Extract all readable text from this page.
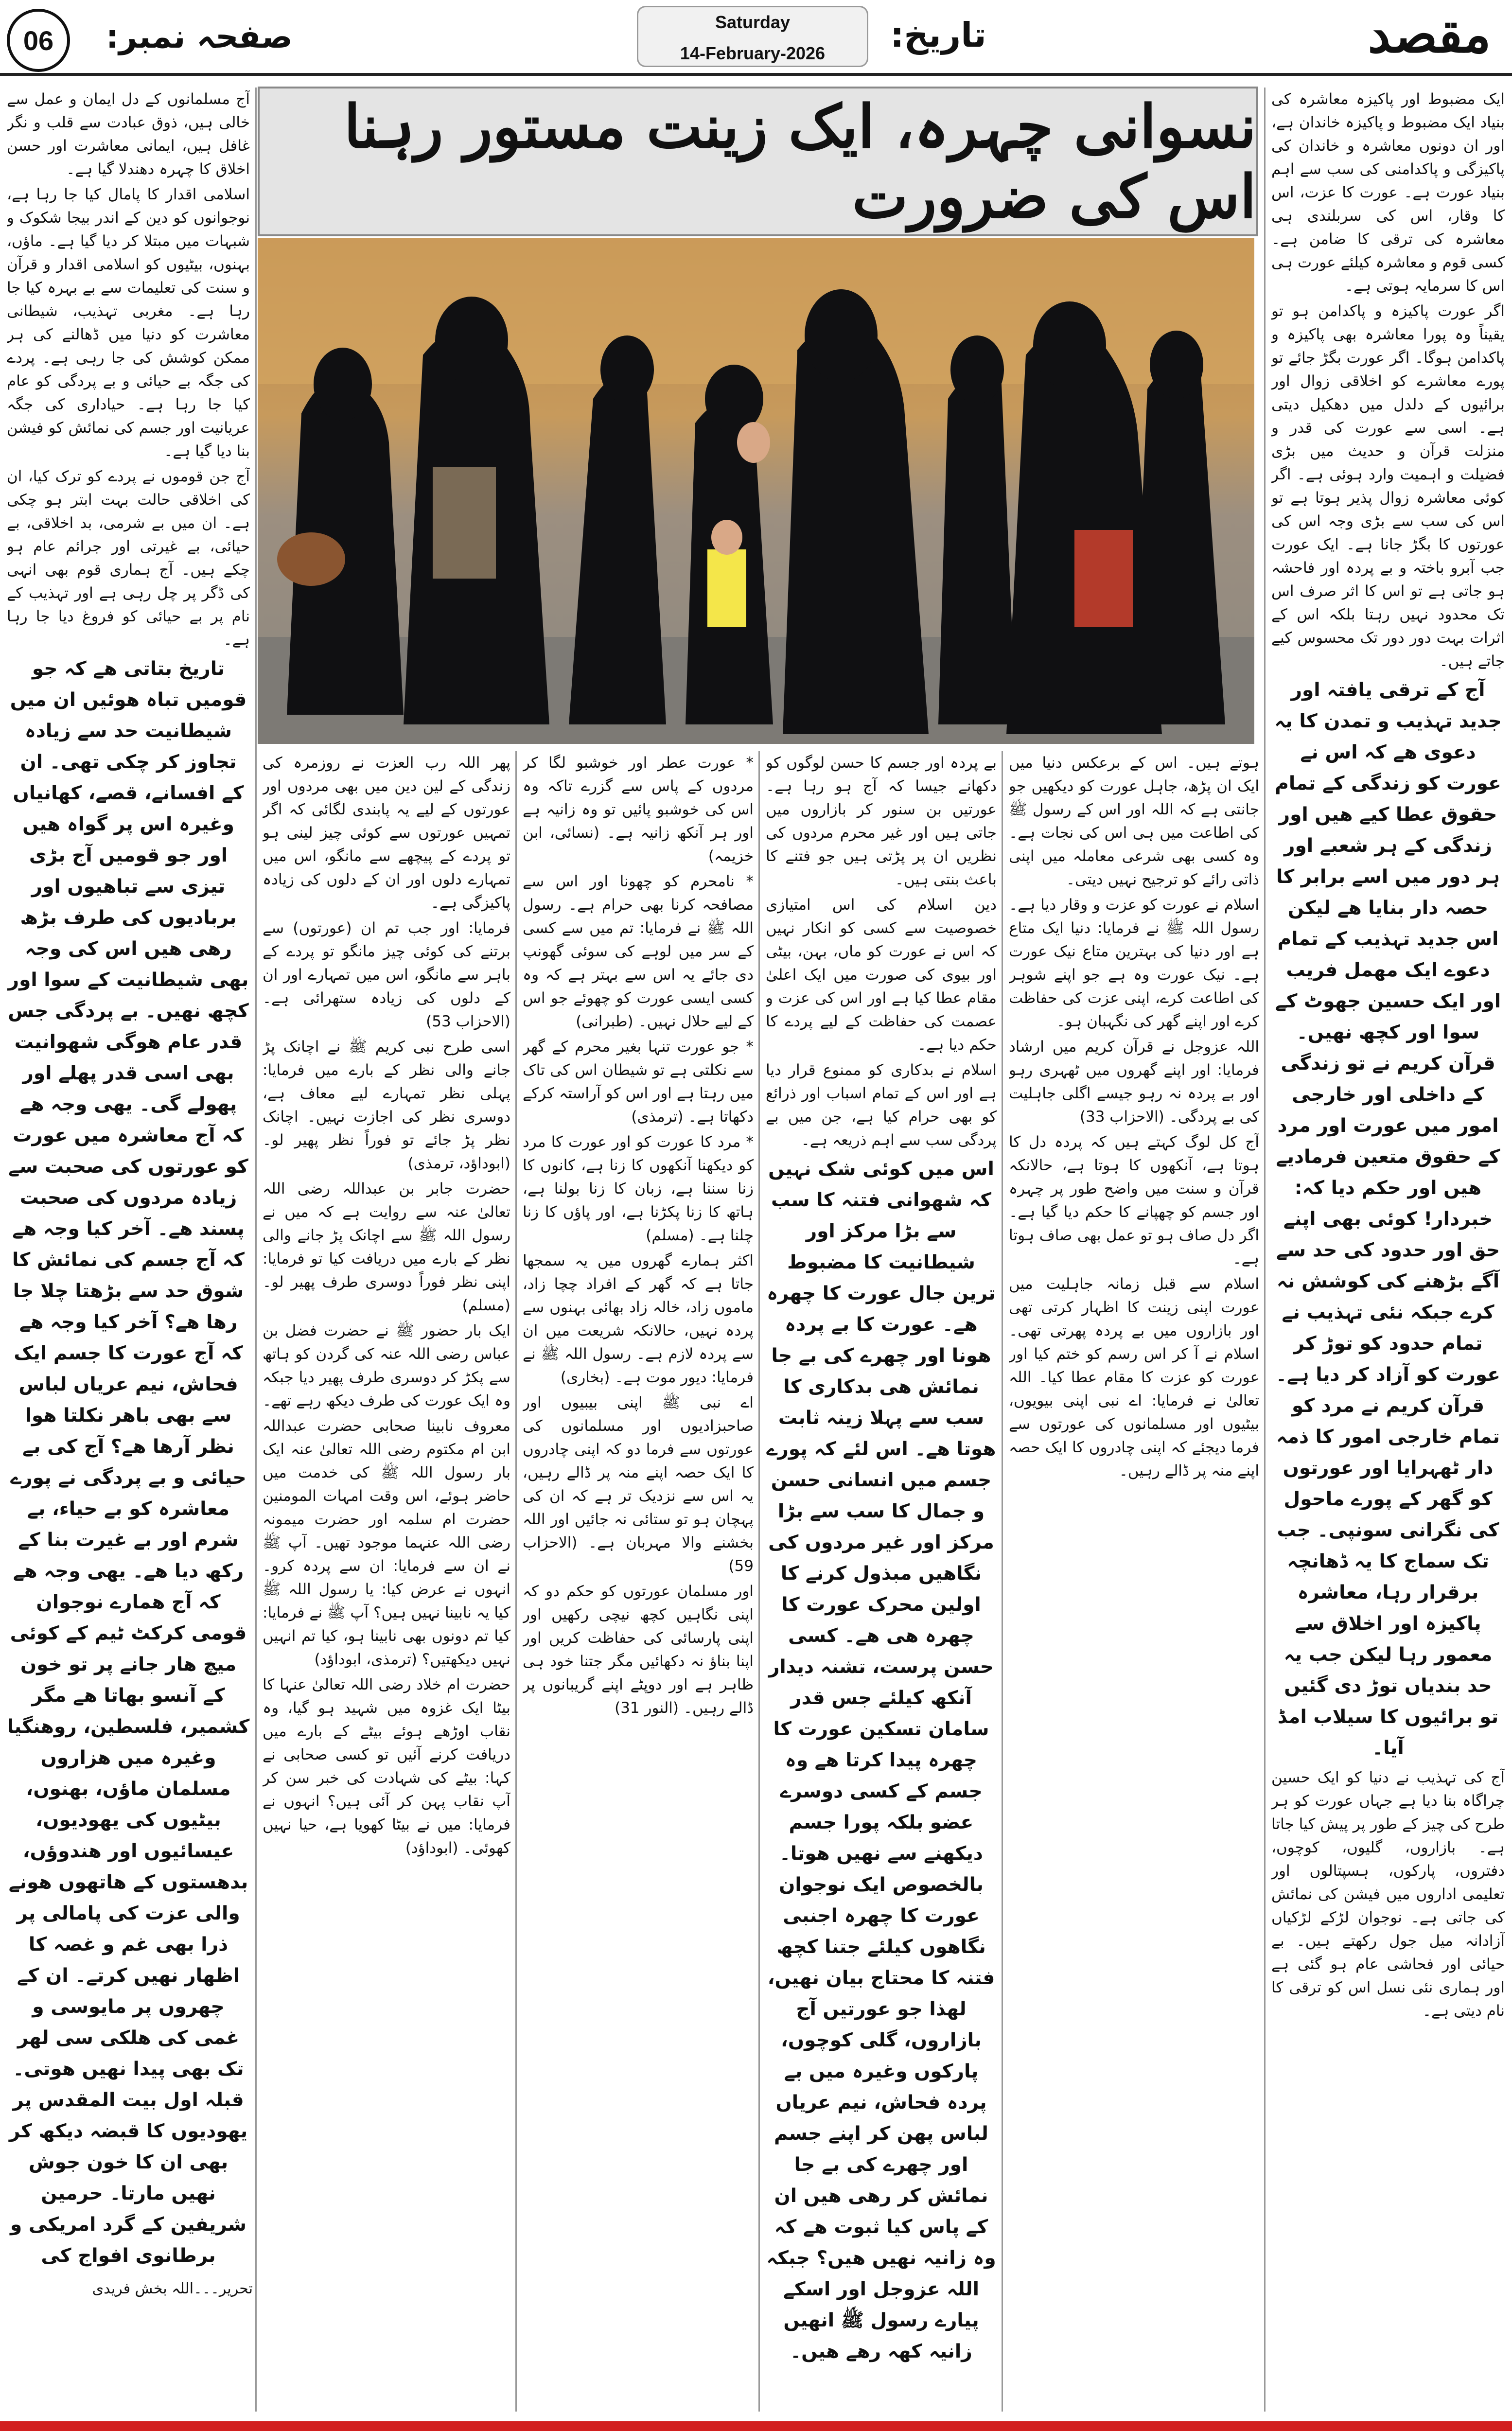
06	صفحہ نمبر:	Saturday
14-February-2026	تاریخ:	مقصد
نسوانی چہرہ، ایک زینت مستور رہنا اس کی ضرورت

ایک مضبوط اور پاکیزہ معاشرہ کی بنیاد ایک مضبوط و پاکیزہ خاندان ہے، اور ان دونوں معاشرہ و خاندان کی پاکیزگی و پاکدامنی کی سب سے اہم بنیاد عورت ہے۔ عورت کا عزت، اس کا وقار، اس کی سربلندی ہی معاشرہ کی ترقی کا ضامن ہے۔ کسی قوم و معاشرہ کیلئے عورت ہی اس کا سرمایہ ہوتی ہے۔

اگر عورت پاکیزہ و پاکدامن ہو تو یقیناً وہ پورا معاشرہ بھی پاکیزہ و پاکدامن ہوگا۔ اگر عورت بگڑ جائے تو پورے معاشرے کو اخلاقی زوال اور برائیوں کے دلدل میں دھکیل دیتی ہے۔ اسی سے عورت کی قدر و منزلت قرآن و حدیث میں بڑی فضیلت و اہمیت وارد ہوئی ہے۔ اگر کوئی معاشرہ زوال پذیر ہوتا ہے تو اس کی سب سے بڑی وجہ اس کی عورتوں کا بگڑ جانا ہے۔ ایک عورت جب آبرو باختہ و بے پردہ اور فاحشہ ہو جاتی ہے تو اس کا اثر صرف اس تک محدود نہیں رہتا بلکہ اس کے اثرات بہت دور دور تک محسوس کیے جاتے ہیں۔

آج کے ترقی یافتہ اور جدید تہذیب و تمدن کا یہ دعوی ھے کہ اس نے عورت کو زندگی کے تمام حقوق عطا کیے ھیں اور زندگی کے ہر شعبے اور ہر دور میں اسے برابر کا حصہ دار بنایا ھے لیکن اس جدید تہذیب کے تمام دعوے ایک مھمل فریب اور ایک حسین جھوٹ کے سوا اور کچھ نھیں۔ قرآن کریم نے تو زندگی کے داخلی اور خارجی امور میں عورت اور مرد کے حقوق متعین فرمادیے ھیں اور حکم دیا کہ: خبردار! کوئی بھی اپنے حق اور حدود کی حد سے آگے بڑھنے کی کوشش نہ کرے جبکہ نئی تہذیب نے تمام حدود کو توڑ کر عورت کو آزاد کر دیا ہے۔ قرآن کریم نے مرد کو تمام خارجی امور کا ذمہ دار ٹھہرایا اور عورتوں کو گھر کے پورے ماحول کی نگرانی سونپی۔ جب تک سماج کا یہ ڈھانچہ برقرار رہا، معاشرہ پاکیزہ اور اخلاق سے معمور رہا لیکن جب یہ حد بندیاں توڑ دی گئیں تو برائیوں کا سیلاب امڈ آیا۔

آج کی تہذیب نے دنیا کو ایک حسین چراگاہ بنا دیا ہے جہاں عورت کو ہر طرح کی چیز کے طور پر پیش کیا جاتا ہے۔ بازاروں، گلیوں، کوچوں، دفتروں، پارکوں، ہسپتالوں اور تعلیمی اداروں میں فیشن کی نمائش کی جاتی ہے۔ نوجوان لڑکے لڑکیاں آزادانہ میل جول رکھتے ہیں۔ بے حیائی اور فحاشی عام ہو گئی ہے اور ہماری نئی نسل اس کو ترقی کا نام دیتی ہے۔

ہوتے ہیں۔ اس کے برعکس دنیا میں ایک ان پڑھ، جاہل عورت کو دیکھیں جو جانتی ہے کہ اللہ اور اس کے رسول ﷺ کی اطاعت میں ہی اس کی نجات ہے۔ وہ کسی بھی شرعی معاملہ میں اپنی ذاتی رائے کو ترجیح نہیں دیتی۔

اسلام نے عورت کو عزت و وقار دیا ہے۔ رسول اللہ ﷺ نے فرمایا: دنیا ایک متاع ہے اور دنیا کی بہترین متاع نیک عورت ہے۔ نیک عورت وہ ہے جو اپنے شوہر کی اطاعت کرے، اپنی عزت کی حفاظت کرے اور اپنے گھر کی نگہبان ہو۔

اللہ عزوجل نے قرآن کریم میں ارشاد فرمایا: اور اپنے گھروں میں ٹھہری رہو اور بے پردہ نہ رہو جیسے اگلی جاہلیت کی بے پردگی۔ (الاحزاب 33)

آج کل لوگ کہتے ہیں کہ پردہ دل کا ہوتا ہے، آنکھوں کا ہوتا ہے، حالانکہ قرآن و سنت میں واضح طور پر چہرہ اور جسم کو چھپانے کا حکم دیا گیا ہے۔ اگر دل صاف ہو تو عمل بھی صاف ہوتا ہے۔

اسلام سے قبل زمانہ جاہلیت میں عورت اپنی زینت کا اظہار کرتی تھی اور بازاروں میں بے پردہ پھرتی تھی۔ اسلام نے آ کر اس رسم کو ختم کیا اور عورت کو عزت کا مقام عطا کیا۔ اللہ تعالیٰ نے فرمایا: اے نبی اپنی بیویوں، بیٹیوں اور مسلمانوں کی عورتوں سے فرما دیجئے کہ اپنی چادروں کا ایک حصہ اپنے منہ پر ڈالے رہیں۔

بے پردہ اور جسم کا حسن لوگوں کو دکھانے جیسا کہ آج ہو رہا ہے۔ عورتیں بن سنور کر بازاروں میں جاتی ہیں اور غیر محرم مردوں کی نظریں ان پر پڑتی ہیں جو فتنے کا باعث بنتی ہیں۔

دین اسلام کی اس امتیازی خصوصیت سے کسی کو انکار نہیں کہ اس نے عورت کو ماں، بہن، بیٹی اور بیوی کی صورت میں ایک اعلیٰ مقام عطا کیا ہے اور اس کی عزت و عصمت کی حفاظت کے لیے پردے کا حکم دیا ہے۔

اسلام نے بدکاری کو ممنوع قرار دیا ہے اور اس کے تمام اسباب اور ذرائع کو بھی حرام کیا ہے، جن میں بے پردگی سب سے اہم ذریعہ ہے۔

اس میں کوئی شک نہیں کہ شھوانی فتنہ کا سب سے بڑا مرکز اور شیطانیت کا مضبوط ترین جال عورت کا چھرہ ھے۔ عورت کا بے پردہ ھونا اور چھرے کی بے جا نمائش ھی بدکاری کا سب سے پہلا زینہ ثابت ھوتا ھے۔ اس لئے کہ پورے جسم میں انسانی حسن و جمال کا سب سے بڑا مرکز اور غیر مردوں کی نگاھیں مبذول کرنے کا اولین محرک عورت کا چھرہ ھی ھے۔ کسی حسن پرست، تشنہ دیدار آنکھ کیلئے جس قدر سامان تسکین عورت کا چھرہ پیدا کرتا ھے وہ جسم کے کسی دوسرے عضو بلکہ پورا جسم دیکھنے سے نھیں ھوتا۔ بالخصوص ایک نوجوان عورت کا چھرہ اجنبی نگاھوں کیلئے جتنا کچھ فتنہ کا محتاج بیان نھیں، لھذا جو عورتیں آج بازاروں، گلی کوچوں، پارکوں وغیرہ میں بے پردہ فحاش، نیم عریاں لباس پھن کر اپنے جسم اور چھرے کی بے جا نمائش کر رھی ھیں ان کے پاس کیا ثبوت ھے کہ وہ زانیہ نھیں ھیں؟ جبکہ اللہ عزوجل اور اسکے پیارے رسول ﷺ انھیں زانیہ کھہ رھے ھیں۔

* عورت عطر اور خوشبو لگا کر مردوں کے پاس سے گزرے تاکہ وہ اس کی خوشبو پائیں تو وہ زانیہ ہے اور ہر آنکھ زانیہ ہے۔ (نسائی، ابن خزیمہ)

* نامحرم کو چھونا اور اس سے مصافحہ کرنا بھی حرام ہے۔ رسول اللہ ﷺ نے فرمایا: تم میں سے کسی کے سر میں لوہے کی سوئی گھونپ دی جائے یہ اس سے بہتر ہے کہ وہ کسی ایسی عورت کو چھوئے جو اس کے لیے حلال نہیں۔ (طبرانی)

* جو عورت تنہا بغیر محرم کے گھر سے نکلتی ہے تو شیطان اس کی تاک میں رہتا ہے اور اس کو آراستہ کرکے دکھاتا ہے۔ (ترمذی)

* مرد کا عورت کو اور عورت کا مرد کو دیکھنا آنکھوں کا زنا ہے، کانوں کا زنا سننا ہے، زبان کا زنا بولنا ہے، ہاتھ کا زنا پکڑنا ہے، اور پاؤں کا زنا چلنا ہے۔ (مسلم)

اکثر ہمارے گھروں میں یہ سمجھا جاتا ہے کہ گھر کے افراد چچا زاد، ماموں زاد، خالہ زاد بھائی بہنوں سے پردہ نہیں، حالانکہ شریعت میں ان سے پردہ لازم ہے۔ رسول اللہ ﷺ نے فرمایا: دیور موت ہے۔ (بخاری)

اے نبی ﷺ اپنی بیبیوں اور صاحبزادیوں اور مسلمانوں کی عورتوں سے فرما دو کہ اپنی چادروں کا ایک حصہ اپنے منہ پر ڈالے رہیں، یہ اس سے نزدیک تر ہے کہ ان کی پہچان ہو تو ستائی نہ جائیں اور اللہ بخشنے والا مہربان ہے۔ (الاحزاب 59)

اور مسلمان عورتوں کو حکم دو کہ اپنی نگاہیں کچھ نیچی رکھیں اور اپنی پارسائی کی حفاظت کریں اور اپنا بناؤ نہ دکھائیں مگر جتنا خود ہی ظاہر ہے اور دوپٹے اپنے گریبانوں پر ڈالے رہیں۔ (النور 31)

پھر اللہ رب العزت نے روزمرہ کی زندگی کے لین دین میں بھی مردوں اور عورتوں کے لیے یہ پابندی لگائی کہ اگر تمہیں عورتوں سے کوئی چیز لینی ہو تو پردے کے پیچھے سے مانگو، اس میں تمہارے دلوں اور ان کے دلوں کی زیادہ پاکیزگی ہے۔

فرمایا: اور جب تم ان (عورتوں) سے برتنے کی کوئی چیز مانگو تو پردے کے باہر سے مانگو، اس میں تمہارے اور ان کے دلوں کی زیادہ ستھرائی ہے۔ (الاحزاب 53)

اسی طرح نبی کریم ﷺ نے اچانک پڑ جانے والی نظر کے بارے میں فرمایا: پہلی نظر تمہارے لیے معاف ہے، دوسری نظر کی اجازت نہیں۔ اچانک نظر پڑ جائے تو فوراً نظر پھیر لو۔ (ابوداؤد، ترمذی)

حضرت جابر بن عبداللہ رضی اللہ تعالیٰ عنہ سے روایت ہے کہ میں نے رسول اللہ ﷺ سے اچانک پڑ جانے والی نظر کے بارے میں دریافت کیا تو فرمایا: اپنی نظر فوراً دوسری طرف پھیر لو۔ (مسلم)

ایک بار حضور ﷺ نے حضرت فضل بن عباس رضی اللہ عنہ کی گردن کو ہاتھ سے پکڑ کر دوسری طرف پھیر دیا جبکہ وہ ایک عورت کی طرف دیکھ رہے تھے۔

معروف نابینا صحابی حضرت عبداللہ ابن ام مکتوم رضی اللہ تعالیٰ عنہ ایک بار رسول اللہ ﷺ کی خدمت میں حاضر ہوئے، اس وقت امہات المومنین حضرت ام سلمہ اور حضرت میمونہ رضی اللہ عنہما موجود تھیں۔ آپ ﷺ نے ان سے فرمایا: ان سے پردہ کرو۔ انہوں نے عرض کیا: یا رسول اللہ ﷺ کیا یہ نابینا نہیں ہیں؟ آپ ﷺ نے فرمایا: کیا تم دونوں بھی نابینا ہو، کیا تم انہیں نہیں دیکھتیں؟ (ترمذی، ابوداؤد)

حضرت ام خلاد رضی اللہ تعالیٰ عنہا کا بیٹا ایک غزوہ میں شہید ہو گیا، وہ نقاب اوڑھے ہوئے بیٹے کے بارے میں دریافت کرنے آئیں تو کسی صحابی نے کہا: بیٹے کی شہادت کی خبر سن کر آپ نقاب پہن کر آئی ہیں؟ انہوں نے فرمایا: میں نے بیٹا کھویا ہے، حیا نہیں کھوئی۔ (ابوداؤد)

آج مسلمانوں کے دل ایمان و عمل سے خالی ہیں، ذوق عبادت سے قلب و نگر غافل ہیں، ایمانی معاشرت اور حسن اخلاق کا چہرہ دھندلا گیا ہے۔

اسلامی اقدار کا پامال کیا جا رہا ہے، نوجوانوں کو دین کے اندر بیجا شکوک و شبہات میں مبتلا کر دیا گیا ہے۔ ماؤں، بہنوں، بیٹیوں کو اسلامی اقدار و قرآن و سنت کی تعلیمات سے بے بہرہ کیا جا رہا ہے۔ مغربی تہذیب، شیطانی معاشرت کو دنیا میں ڈھالنے کی ہر ممکن کوشش کی جا رہی ہے۔ پردے کی جگہ بے حیائی و بے پردگی کو عام کیا جا رہا ہے۔ حیاداری کی جگہ عریانیت اور جسم کی نمائش کو فیشن بنا دیا گیا ہے۔

آج جن قوموں نے پردے کو ترک کیا، ان کی اخلاقی حالت بہت ابتر ہو چکی ہے۔ ان میں بے شرمی، بد اخلاقی، بے حیائی، بے غیرتی اور جرائم عام ہو چکے ہیں۔ آج ہماری قوم بھی انہی کی ڈگر پر چل رہی ہے اور تہذیب کے نام پر بے حیائی کو فروغ دیا جا رہا ہے۔

تاریخ بتاتی ھے کہ جو قومیں تباہ ھوئیں ان میں شیطانیت حد سے زیادہ تجاوز کر چکی تھی۔ ان کے افسانے، قصے، کھانیاں وغیرہ اس پر گواہ ھیں اور جو قومیں آج بڑی تیزی سے تباھیوں اور بربادیوں کی طرف بڑھ رھی ھیں اس کی وجہ بھی شیطانیت کے سوا اور کچھ نھیں۔ بے پردگی جس قدر عام ھوگی شھوانیت بھی اسی قدر پھلے اور پھولے گی۔ یھی وجہ ھے کہ آج معاشرہ میں عورت کو عورتوں کی صحبت سے زیادہ مردوں کی صحبت پسند ھے۔ آخر کیا وجہ ھے کہ آج جسم کی نمائش کا شوق حد سے بڑھتا چلا جا رھا ھے؟ آخر کیا وجہ ھے کہ آج عورت کا جسم ایک فحاش، نیم عریاں لباس سے بھی باھر نکلتا ھوا نظر آرھا ھے؟ آج کی بے حیائی و بے پردگی نے پورے معاشرہ کو بے حیاء، بے شرم اور بے غیرت بنا کے رکھ دیا ھے۔ یھی وجہ ھے کہ آج ھمارے نوجوان قومی کرکٹ ٹیم کے کوئی میچ ھار جانے پر تو خون کے آنسو بھاتا ھے مگر کشمیر، فلسطین، روھنگیا وغیرہ میں ھزاروں مسلمان ماؤں، بھنوں، بیٹیوں کی یھودیوں، عیسائیوں اور ھندوؤں، بدھستوں کے ھاتھوں ھونے والی عزت کی پامالی پر ذرا بھی غم و غصہ کا اظھار نھیں کرتے۔ ان کے چھروں پر مایوسی و غمی کی ھلکی سی لھر تک بھی پیدا نھیں ھوتی۔ قبلہ اول بیت المقدس پر یھودیوں کا قبضہ دیکھ کر بھی ان کا خون جوش نھیں مارتا۔ حرمین شریفین کے گرد امریکی و برطانوی افواج کی

تحریر۔۔۔اللہ بخش فریدی
